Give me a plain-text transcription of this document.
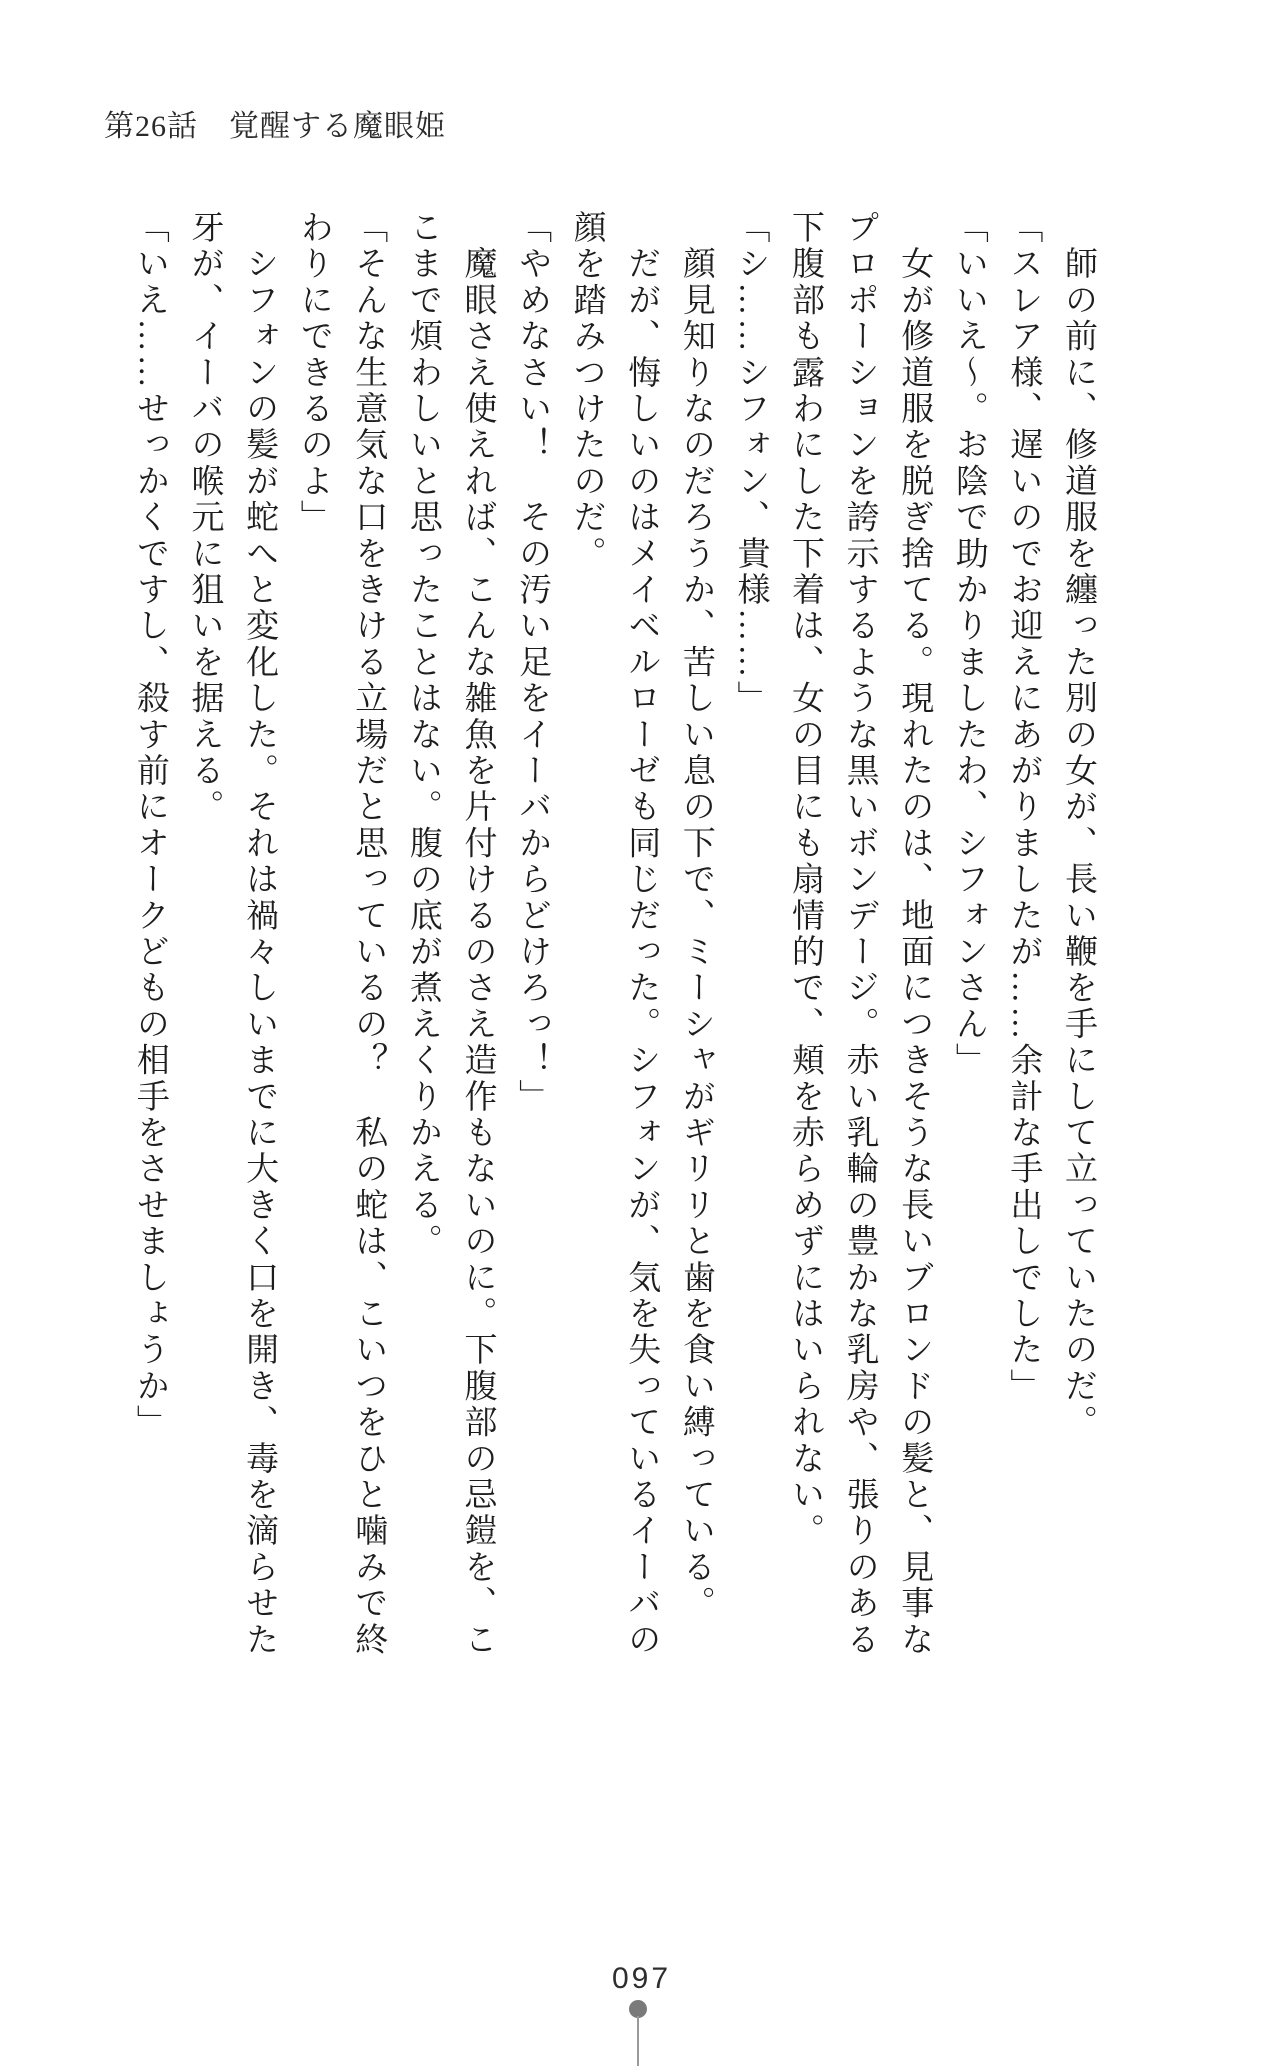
第26話　覚醒する魔眼姫

　師の前に、修道服を纏った別の女が、長い鞭を手にして立っていたのだ。

「スレア様、遅いのでお迎えにあがりましたが……余計な手出しでした」

「いいえ〜。お陰で助かりましたわ、シフォンさん」

　女が修道服を脱ぎ捨てる。現れたのは、地面につきそうな長いブロンドの髪と、見事な

プロポーションを誇示するような黒いボンデージ。赤い乳輪の豊かな乳房や、張りのある

下腹部も露わにした下着は、女の目にも扇情的で、頬を赤らめずにはいられない。

「シ……シフォン、貴様……」

　顔見知りなのだろうか、苦しい息の下で、ミーシャがギリリと歯を食い縛っている。

　だが、悔しいのはメイベルローゼも同じだった。シフォンが、気を失っているイーバの

顔を踏みつけたのだ。

「やめなさい！　その汚い足をイーバからどけろっ！」

　魔眼さえ使えれば、こんな雑魚を片付けるのさえ造作もないのに。下腹部の忌鎧を、こ

こまで煩わしいと思ったことはない。腹の底が煮えくりかえる。

「そんな生意気な口をきける立場だと思っているの？　私の蛇は、こいつをひと噛みで終

わりにできるのよ」

　シフォンの髪が蛇へと変化した。それは禍々しいまでに大きく口を開き、毒を滴らせた

牙が、イーバの喉元に狙いを据える。

「いえ……せっかくですし、殺す前にオークどもの相手をさせましょうか」

097
